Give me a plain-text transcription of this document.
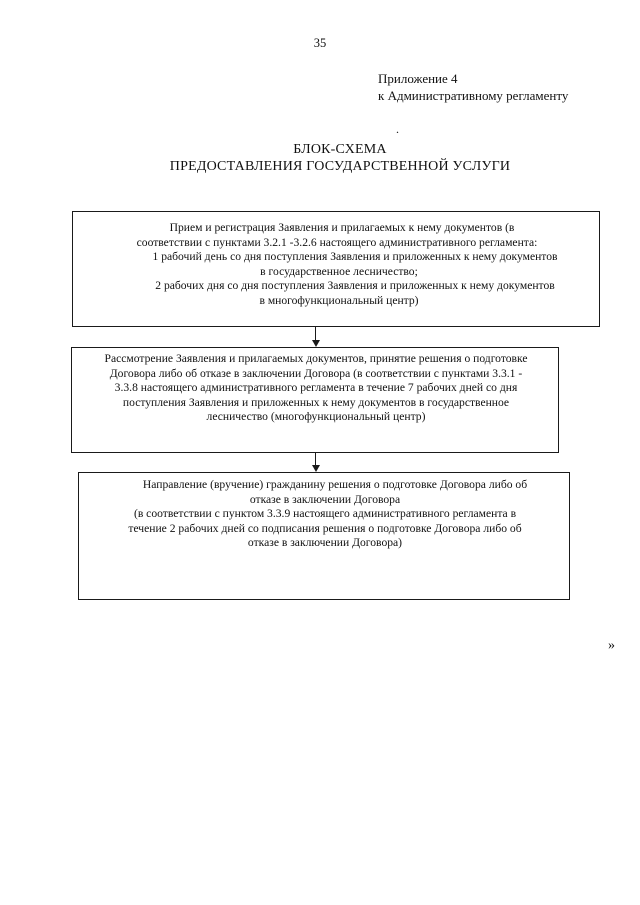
35
Приложение 4
к Административному регламенту
.
БЛОК-СХЕМА
ПРЕДОСТАВЛЕНИЯ ГОСУДАРСТВЕННОЙ УСЛУГИ
Прием и регистрация Заявления и прилагаемых к нему документов (в
соответствии с пунктами 3.2.1 -3.2.6 настоящего административного регламента:
1 рабочий день со дня поступления Заявления и приложенных к нему документов
в государственное лесничество;
2 рабочих дня со дня поступления Заявления и приложенных к нему документов
в многофункциональный центр)
Рассмотрение Заявления и прилагаемых документов, принятие решения о подготовке
Договора либо об отказе в заключении Договора (в соответствии с пунктами 3.3.1 -
3.3.8 настоящего административного регламента в течение 7 рабочих дней со дня
поступления Заявления и приложенных к нему документов в государственное
лесничество (многофункциональный центр)
Направление (вручение) гражданину решения о подготовке Договора либо об
отказе в заключении Договора
(в соответствии с пунктом 3.3.9 настоящего административного регламента в
течение 2 рабочих дней со подписания решения о подготовке Договора либо об
отказе в заключении Договора)
»
